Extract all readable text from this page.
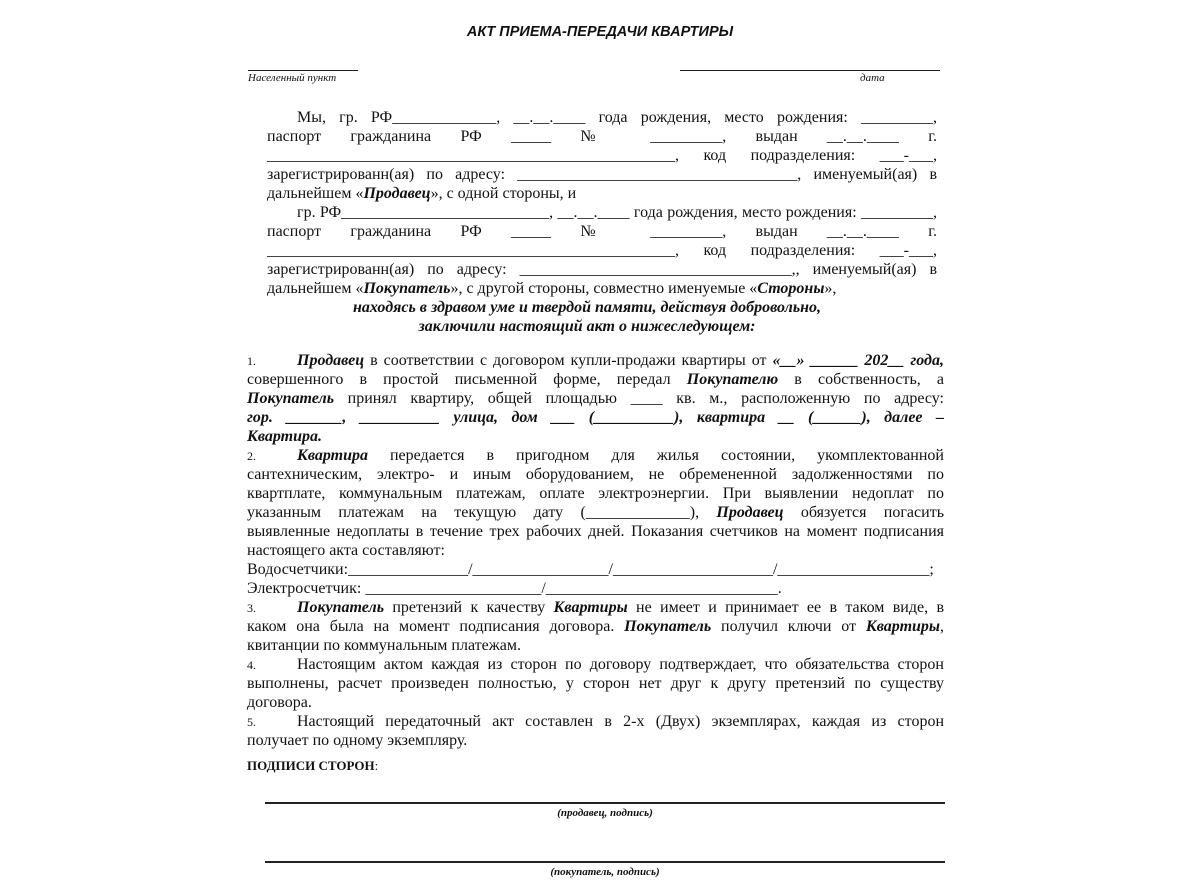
АКТ ПРИЕМА-ПЕРЕДАЧИ КВАРТИРЫ
Населенный пункт	дата
Мы, гр. РФ_____________, __.__.____ года рождения, место рождения: _________,
паспорт гражданина РФ _____ № _________, выдан __.__.____ г.
___________________________________________________, код подразделения: ___-___,
зарегистрированн(ая) по адресу: ___________________________________, именуемый(ая) в
дальнейшем «Продавец», с одной стороны, и
гр. РФ__________________________, __.__.____ года рождения, место рождения: _________,
паспорт гражданина РФ _____ № _________, выдан __.__.____ г.
___________________________________________________, код подразделения: ___-___,
зарегистрированн(ая) по адресу: __________________________________,, именуемый(ая) в
дальнейшем «Покупатель», с другой стороны, совместно именуемые «Стороны»,
находясь в здравом уме и твердой памяти, действуя добровольно,
заключили настоящий акт о нижеследующем:
1.	Продавец в соответствии с договором купли-продажи квартиры от «__» ______ 202__ года,
совершенного в простой письменной форме, передал Покупателю в собственность, а
Покупатель принял квартиру, общей площадью ____ кв. м., расположенную по адресу:
гор. _______, __________ улица, дом ___ (__________), квартира __ (______), далее –
Квартира.
2.	Квартира передается в пригодном для жилья состоянии, укомплектованной
сантехническим, электро- и иным оборудованием, не обремененной задолженностями по
квартплате, коммунальным платежам, оплате электроэнергии. При выявлении недоплат по
указанным платежам на текущую дату (_____________), Продавец обязуется погасить
выявленные недоплаты в течение трех рабочих дней. Показания счетчиков на момент подписания
настоящего акта составляют:
Водосчетчики:_______________/_________________/____________________/___________________;
Электросчетчик: ______________________/_____________________________.
3.	Покупатель претензий к качеству Квартиры не имеет и принимает ее в таком виде, в
каком она была на момент подписания договора. Покупатель получил ключи от Квартиры,
квитанции по коммунальным платежам.
4.	Настоящим актом каждая из сторон по договору подтверждает, что обязательства сторон
выполнены, расчет произведен полностью, у сторон нет друг к другу претензий по существу
договора.
5.	Настоящий передаточный акт составлен в 2-х (Двух) экземплярах, каждая из сторон
получает по одному экземпляру.
ПОДПИСИ СТОРОН:
(продавец, подпись)
(покупатель, подпись)
